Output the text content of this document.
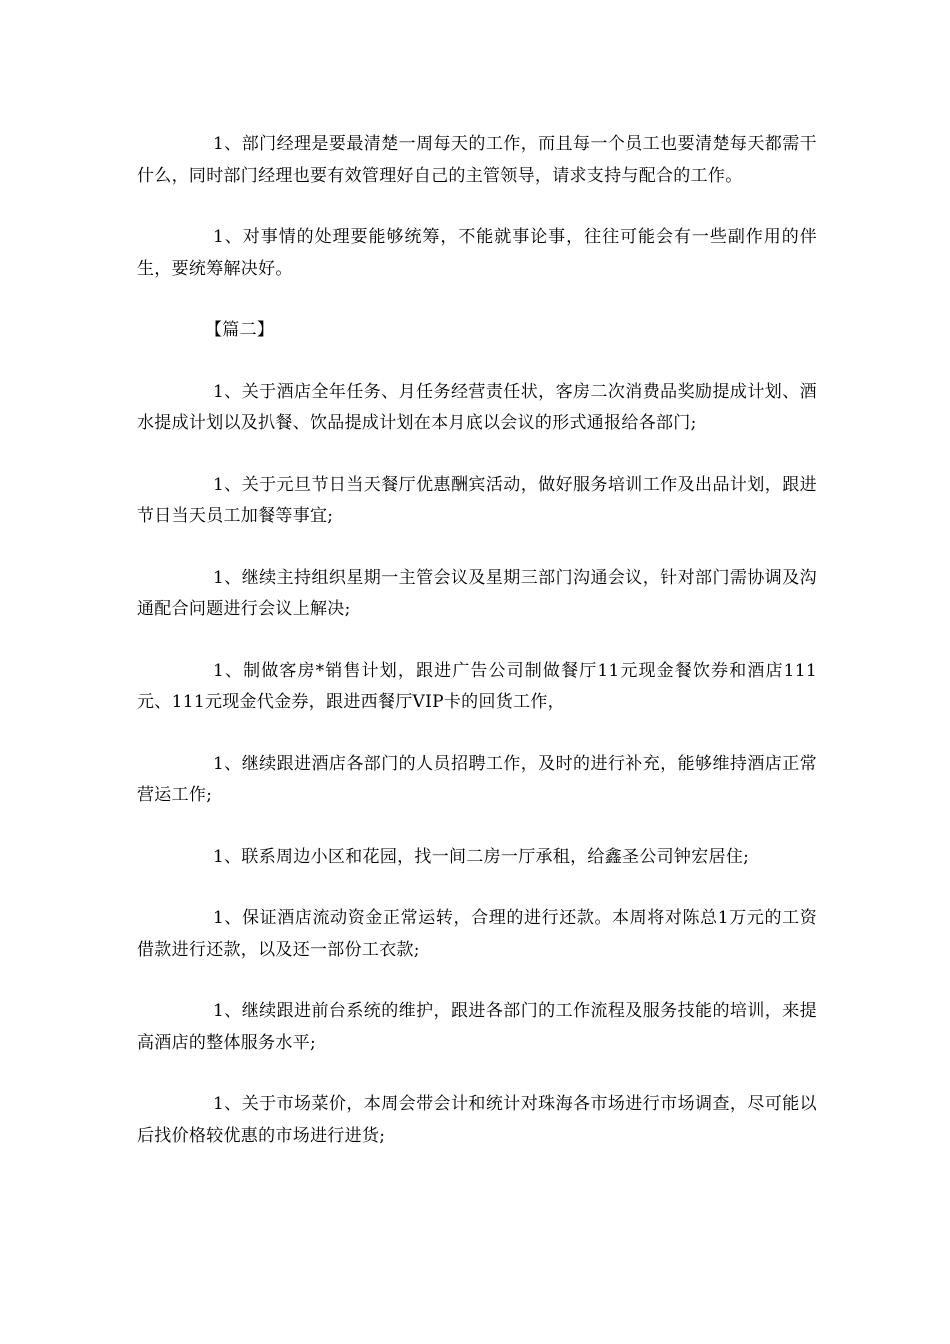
1、部门经理是要最清楚一周每天的工作，而且每一个员工也要清楚每天都需干什么，同时部门经理也要有效管理好自己的主管领导，请求支持与配合的工作。

1、对事情的处理要能够统筹，不能就事论事，往往可能会有一些副作用的伴生，要统筹解决好。

【篇二】

1、关于酒店全年任务、月任务经营责任状，客房二次消费品奖励提成计划、酒水提成计划以及扒餐、饮品提成计划在本月底以会议的形式通报给各部门;

1、关于元旦节日当天餐厅优惠酬宾活动，做好服务培训工作及出品计划，跟进节日当天员工加餐等事宜;

1、继续主持组织星期一主管会议及星期三部门沟通会议，针对部门需协调及沟通配合问题进行会议上解决;

1、制做客房*销售计划，跟进广告公司制做餐厅11元现金餐饮券和酒店111元、111元现金代金券，跟进西餐厅VIP卡的回货工作，

1、继续跟进酒店各部门的人员招聘工作，及时的进行补充，能够维持酒店正常营运工作;

1、联系周边小区和花园，找一间二房一厅承租，给鑫圣公司钟宏居住;

1、保证酒店流动资金正常运转，合理的进行还款。本周将对陈总1万元的工资借款进行还款，以及还一部份工衣款;

1、继续跟进前台系统的维护，跟进各部门的工作流程及服务技能的培训，来提高酒店的整体服务水平;

1、关于市场菜价，本周会带会计和统计对珠海各市场进行市场调查，尽可能以后找价格较优惠的市场进行进货;
